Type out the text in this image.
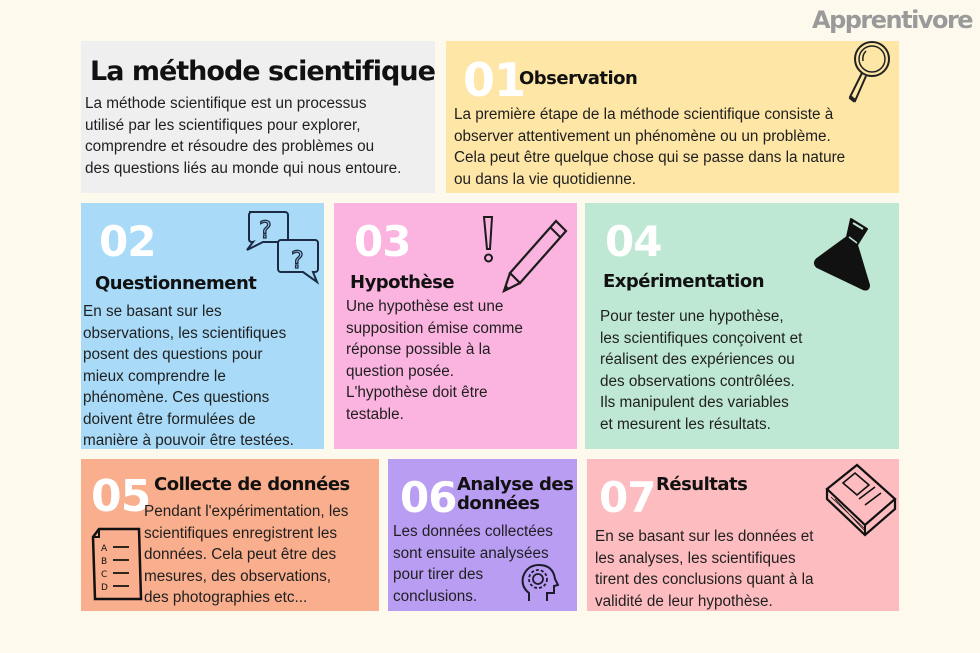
Apprentivore
La méthode scientifique
La méthode scientifique est un processus
utilisé par les scientifiques pour explorer,
comprendre et résoudre des problèmes ou
des questions liés au monde qui nous entoure.
01
Observation
La première étape de la méthode scientifique consiste à
observer attentivement un phénomène ou un problème.
Cela peut être quelque chose qui se passe dans la nature
ou dans la vie quotidienne.
02	?
?
Questionnement
En se basant sur les
observations, les scientifiques
posent des questions pour
mieux comprendre le
phénomène. Ces questions
doivent être formulées de
manière à pouvoir être testées.
03
Hypothèse
Une hypothèse est une
supposition émise comme
réponse possible à la
question posée.
L'hypothèse doit être
testable.
04
Expérimentation
Pour tester une hypothèse,
les scientifiques conçoivent et
réalisent des expériences ou
des observations contrôlées.
Ils manipulent des variables
et mesurent les résultats.
05 Collecte de données
A
B
C
D
Pendant l'expérimentation, les
scientifiques enregistrent les
données. Cela peut être des
mesures, des observations,
des photographies etc...
06 Analyse des
données
Les données collectées
sont ensuite analysées
pour tirer des
conclusions.
07 Résultats
En se basant sur les données et
les analyses, les scientifiques
tirent des conclusions quant à la
validité de leur hypothèse.
